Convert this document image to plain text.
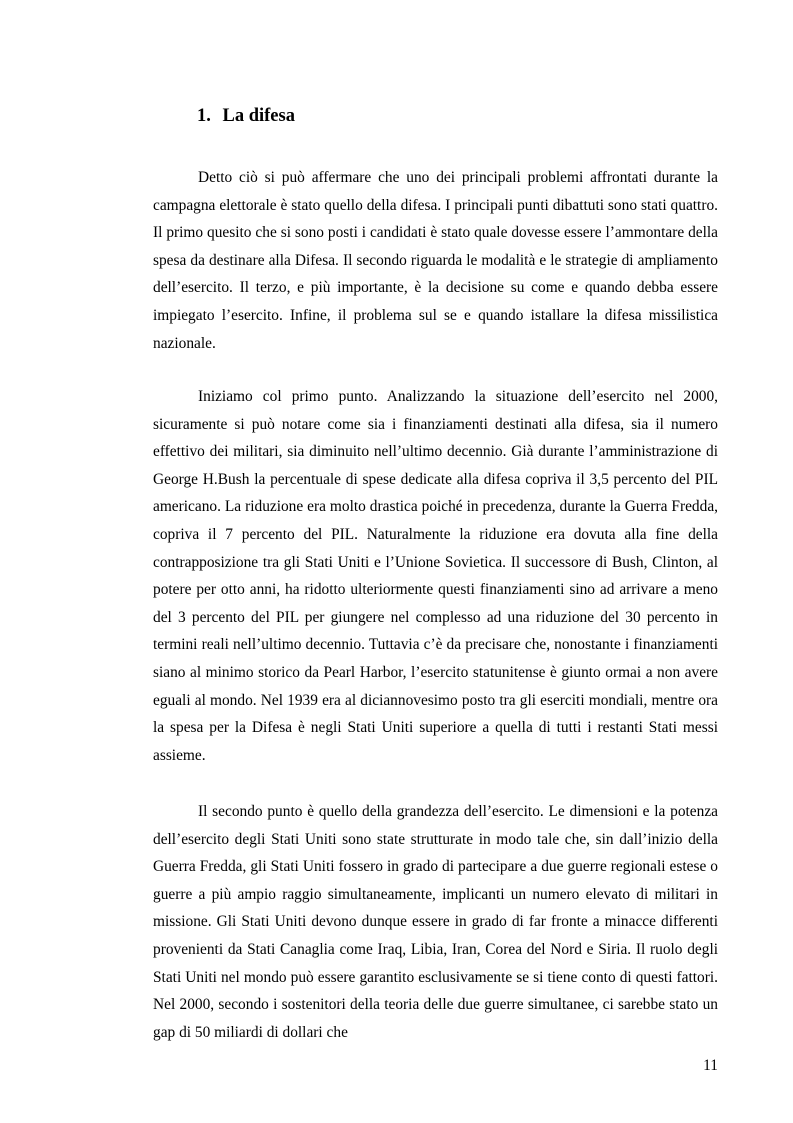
1. La difesa

Detto ciò si può affermare che uno dei principali problemi affrontati durante la campagna elettorale è stato quello della difesa. I principali punti dibattuti sono stati quattro. Il primo quesito che si sono posti i candidati è stato quale dovesse essere l’ammontare della spesa da destinare alla Difesa. Il secondo riguarda le modalità e le strategie di ampliamento dell’esercito. Il terzo, e più importante, è la decisione su come e quando debba essere impiegato l’esercito. Infine, il problema sul se e quando istallare la difesa missilistica nazionale.

Iniziamo col primo punto. Analizzando la situazione dell’esercito nel 2000, sicuramente si può notare come sia i finanziamenti destinati alla difesa, sia il numero effettivo dei militari, sia diminuito nell’ultimo decennio. Già durante l’amministrazione di George H.Bush la percentuale di spese dedicate alla difesa copriva il 3,5 percento del PIL americano. La riduzione era molto drastica poiché in precedenza, durante la Guerra Fredda, copriva il 7 percento del PIL. Naturalmente la riduzione era dovuta alla fine della contrapposizione tra gli Stati Uniti e l’Unione Sovietica. Il successore di Bush, Clinton, al potere per otto anni, ha ridotto ulteriormente questi finanziamenti sino ad arrivare a meno del 3 percento del PIL per giungere nel complesso ad una riduzione del 30 percento in termini reali nell’ultimo decennio. Tuttavia c’è da precisare che, nonostante i finanziamenti siano al minimo storico da Pearl Harbor, l’esercito statunitense è giunto ormai a non avere eguali al mondo. Nel 1939 era al diciannovesimo posto tra gli eserciti mondiali, mentre ora la spesa per la Difesa è negli Stati Uniti superiore a quella di tutti i restanti Stati messi assieme.

Il secondo punto è quello della grandezza dell’esercito. Le dimensioni e la potenza dell’esercito degli Stati Uniti sono state strutturate in modo tale che, sin dall’inizio della Guerra Fredda, gli Stati Uniti fossero in grado di partecipare a due guerre regionali estese o guerre a più ampio raggio simultaneamente, implicanti un numero elevato di militari in missione. Gli Stati Uniti devono dunque essere in grado di far fronte a minacce differenti provenienti da Stati Canaglia come Iraq, Libia, Iran, Corea del Nord e Siria. Il ruolo degli Stati Uniti nel mondo può essere garantito esclusivamente se si tiene conto di questi fattori. Nel 2000, secondo i sostenitori della teoria delle due guerre simultanee, ci sarebbe stato un gap di 50 miliardi di dollari che

11
